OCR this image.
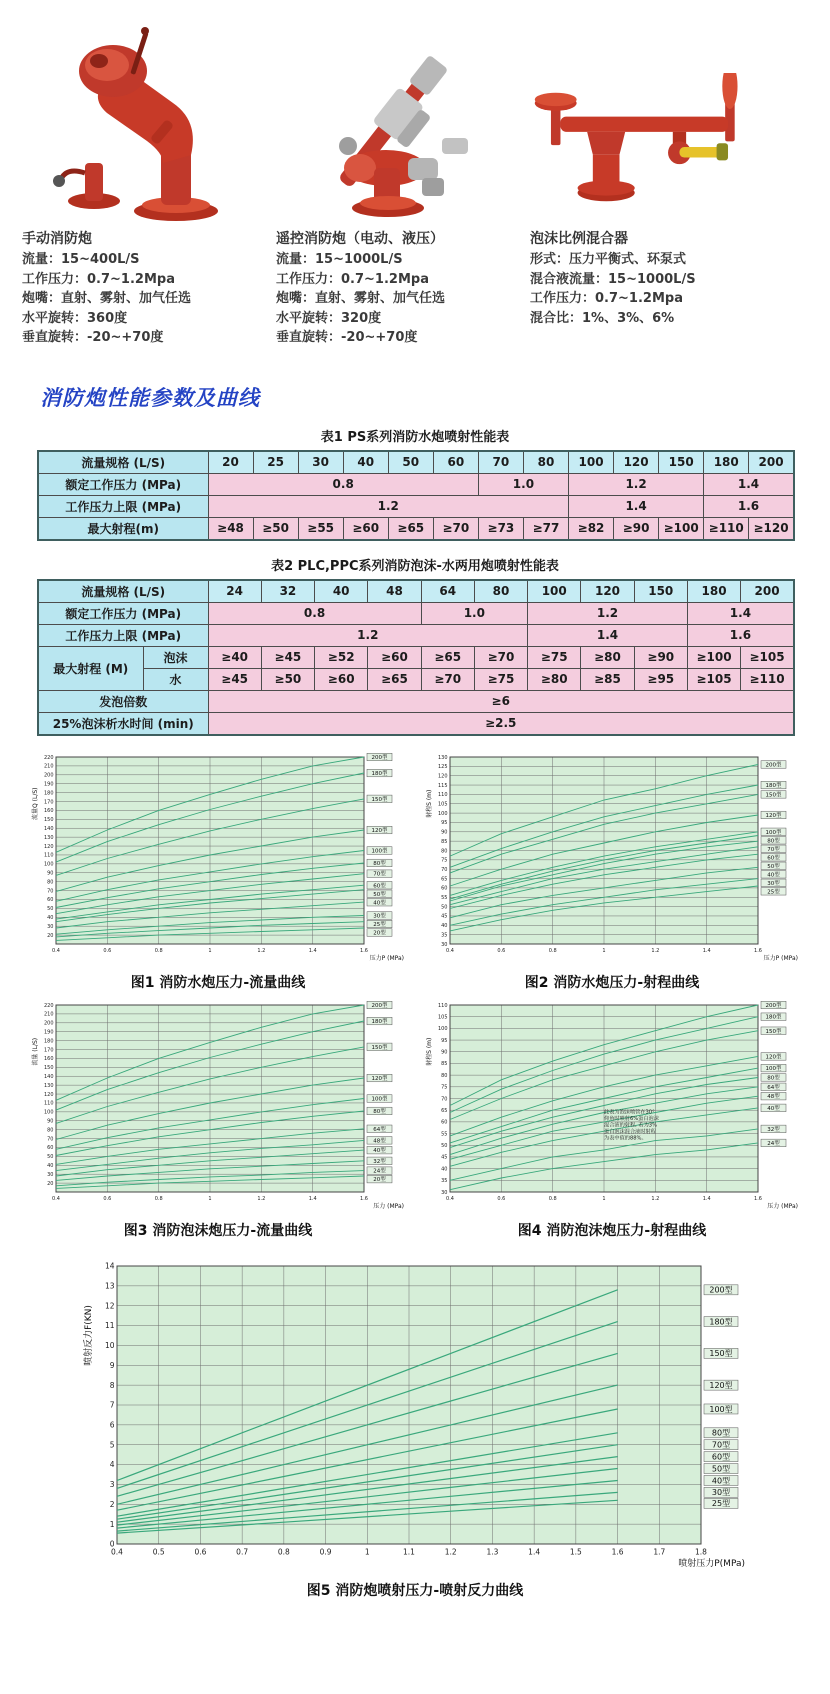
手动消防炮
流量：15~400L/S
工作压力：0.7~1.2Mpa
炮嘴：直射、雾射、加气任选
水平旋转：360度
垂直旋转：-20~+70度
遥控消防炮（电动、液压）
流量：15~1000L/S
工作压力：0.7~1.2Mpa
炮嘴：直射、雾射、加气任选
水平旋转：320度
垂直旋转：-20~+70度
泡沫比例混合器
形式：压力平衡式、环泵式
混合液流量：15~1000L/S
工作压力：0.7~1.2Mpa
混合比：1%、3%、6%
消防炮性能参数及曲线
表1 PS系列消防水炮喷射性能表
流量规格 (L/S)	20	25	30	40	50	60	70	80	100	120	150	180	200
额定工作压力 (MPa)	0.8						1.0		1.2			1.4	
工作压力上限 (MPa)	1.2								1.4			1.6	
最大射程(m)	≥48	≥50	≥55	≥60	≥65	≥70	≥73	≥77	≥82	≥90	≥100	≥110	≥120
表2 PLC,PPC系列消防泡沫-水两用炮喷射性能表
流量规格 (L/S)		24	32	40	48	64	80	100	120	150	180	200
额定工作压力 (MPa)		0.8				1.0		1.2			1.4	
工作压力上限 (MPa)		1.2						1.4			1.6	
最大射程 (M)	泡沫	≥40	≥45	≥52	≥60	≥65	≥70	≥75	≥80	≥90	≥100	≥105
	水	≥45	≥50	≥60	≥65	≥70	≥75	≥80	≥85	≥95	≥105	≥110
发泡倍数		≥6										
25%泡沫析水时间 (min)		≥2.5										
20
30
40
50
60
70
80
90
100
110
120
130
140
150
160
170
180
190
200
210
220
0.4	0.6	0.8	1	1.2	1.4	1.6
200型
180型
150型
120型
100型
80型
70型
60型
50型
40型
30型
25型
20型
流量Q (L/S)
压力P (MPa)
图1 消防水炮压力-流量曲线
30
35
40
45
50
55
60
65
70
75
80
85
90
95
100
105
110
115
120
125
130
0.4	0.6	0.8	1	1.2	1.4	1.6
200型
180型
150型
120型
100型
80型
70型
60型
50型
40型
30型
25型
射程S (m)
压力P (MPa)
图2 消防水炮压力-射程曲线
20
30
40
50
60
70
80
90
100
110
120
130
140
150
160
170
180
190
200
210
220
0.4	0.6	0.8	1	1.2	1.4	1.6
200型
180型
150型
120型
100型
80型
64型
48型
40型
32型
24型
20型
流量 (L/S)
压力 (MPa)
图3 消防泡沫炮压力-流量曲线
30
35
40
45
50
55
60
65
70
75
80
85
90
95
100
105
110
0.4	0.6	0.8	1	1.2	1.4	1.6
200型
180型
150型
120型
100型
80型
64型
48型
40型
32型
24型
射程S (m)
压力 (MPa)
此表为泡沫喷管在30°
仰角时喷射6%蛋白泡沫
混合液的射程, 若为3%
蛋白泡沫混合液时射程
为表中值的88%。
图4 消防泡沫炮压力-射程曲线
0
1
2
3
4
5
6
7
8
9
10
11
12
13
14
0.4	0.5	0.6	0.7	0.8	0.9	1	1.1	1.2	1.3	1.4	1.5	1.6	1.7	1.8
200型
180型
150型
120型
100型
80型
70型
60型
50型
40型
30型
25型
喷射反力F(KN)
喷射压力P(MPa)
图5 消防炮喷射压力-喷射反力曲线
